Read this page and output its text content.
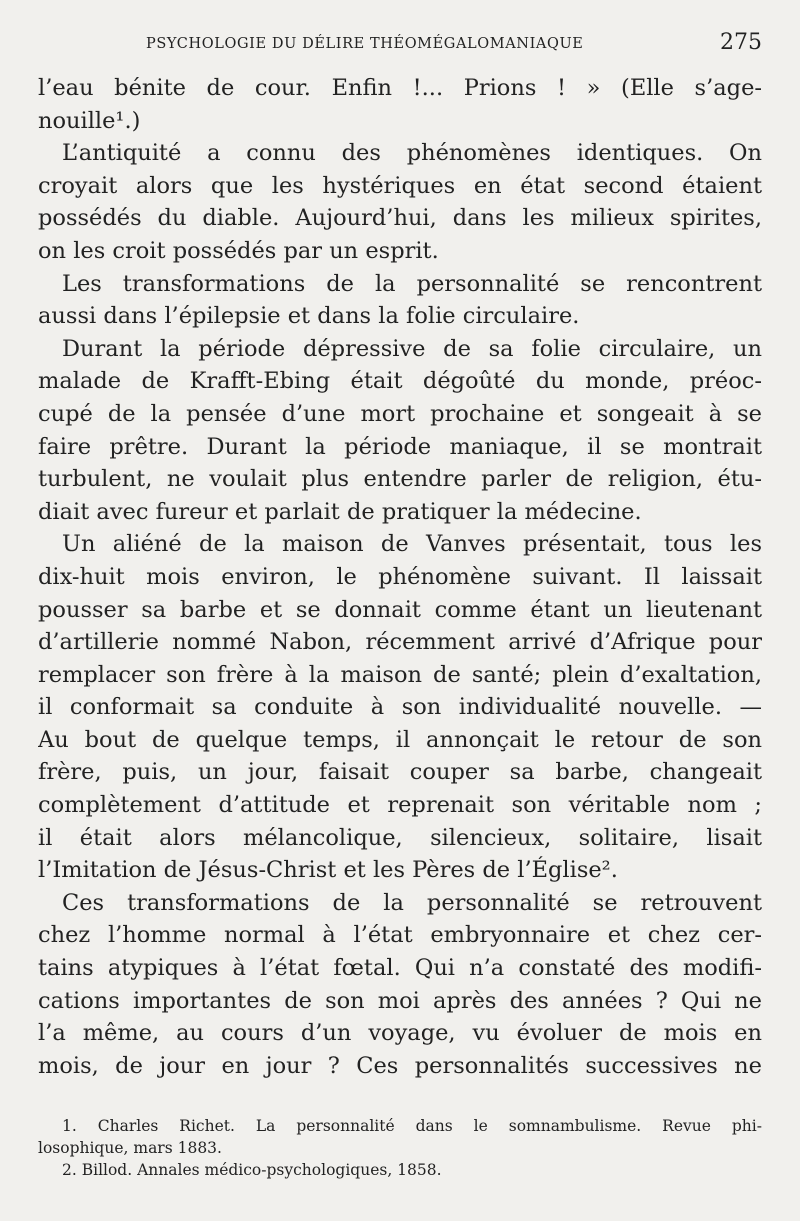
PSYCHOLOGIE DU DÉLIRE THÉOMÉGALOMANIAQUE	275
l’eau bénite de cour. Enfin !... Prions ! » (Elle s’age-
nouille¹.)
L’antiquité a connu des phénomènes identiques. On
croyait alors que les hystériques en état second étaient
possédés du diable. Aujourd’hui, dans les milieux spirites,
on les croit possédés par un esprit.
Les transformations de la personnalité se rencontrent
aussi dans l’épilepsie et dans la folie circulaire.
Durant la période dépressive de sa folie circulaire, un
malade de Krafft-Ebing était dégoûté du monde, préoc-
cupé de la pensée d’une mort prochaine et songeait à se
faire prêtre. Durant la période maniaque, il se montrait
turbulent, ne voulait plus entendre parler de religion, étu-
diait avec fureur et parlait de pratiquer la médecine.
Un aliéné de la maison de Vanves présentait, tous les
dix-huit mois environ, le phénomène suivant. Il laissait
pousser sa barbe et se donnait comme étant un lieutenant
d’artillerie nommé Nabon, récemment arrivé d’Afrique pour
remplacer son frère à la maison de santé; plein d’exaltation,
il conformait sa conduite à son individualité nouvelle. —
Au bout de quelque temps, il annonçait le retour de son
frère, puis, un jour, faisait couper sa barbe, changeait
complètement d’attitude et reprenait son véritable nom ;
il était alors mélancolique, silencieux, solitaire, lisait
l’Imitation de Jésus-Christ et les Pères de l’Église².
Ces transformations de la personnalité se retrouvent
chez l’homme normal à l’état embryonnaire et chez cer-
tains atypiques à l’état fœtal. Qui n’a constaté des modifi-
cations importantes de son moi après des années ? Qui ne
l’a même, au cours d’un voyage, vu évoluer de mois en
mois, de jour en jour ? Ces personnalités successives ne
1. Charles Richet. La personnalité dans le somnambulisme. Revue phi-
losophique, mars 1883.
2. Billod. Annales médico-psychologiques, 1858.
